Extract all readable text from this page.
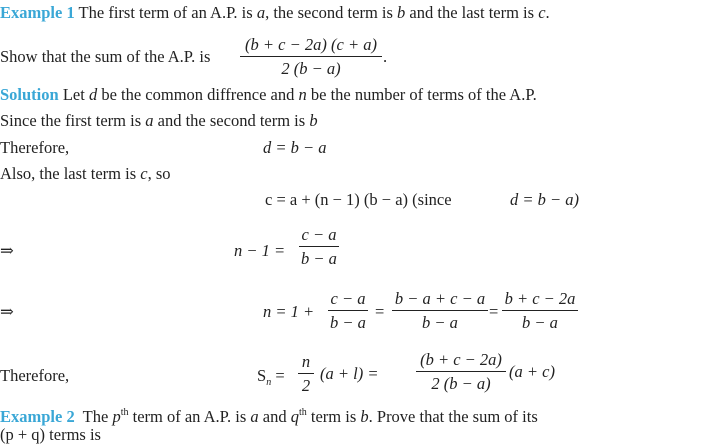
Example 1 The first term of an A.P. is a, the second term is b and the last term is c.
Show that the sum of the A.P. is
(b + c − 2a) (c + a)
2 (b − a)
.
Solution Let d be the common diffrence and n be the number of terms of the A.P.
Since the first term is a and the second term is b
Therefore,	d = b − a
Also, the last term is c, so
c = a + (n − 1) (b − a) (since	d = b − a)
⇒	n − 1 =
c − a
b − a
⇒	n = 1 +
c − a
b − a
=
b − a + c − a
b − a
=
b + c − 2a
b − a
Therefore,	$S_n$ =
n
2
(a + l) =
(b + c − 2a)
2 (b − a)
(a + c)
Example 2  The $p^{th}$ term of an A.P. is a and $q^{th}$ term is b. Prove that the sum of its
(p + q) terms is
